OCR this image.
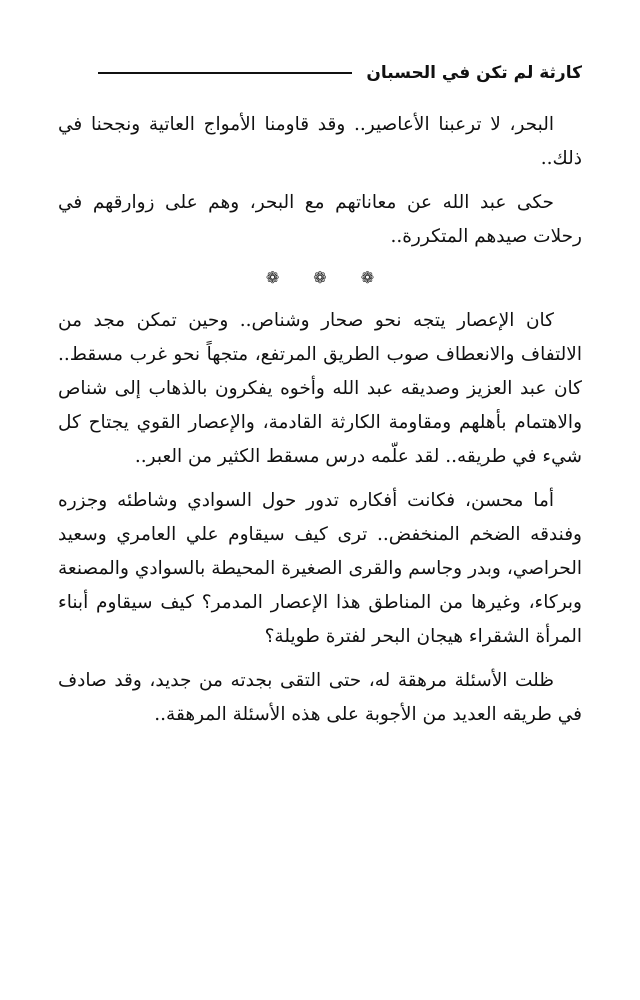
كارثة لم تكن في الحسبان

البحر، لا ترعبنا الأعاصير.. وقد قاومنا الأمواج العاتية ونجحنا في ذلك..

حكى عبد الله عن معاناتهم مع البحر، وهم على زوارقهم في رحلات صيدهم المتكررة..

❁
❁
❁

كان الإعصار يتجه نحو صحار وشناص.. وحين تمكن مجد من الالتفاف والانعطاف صوب الطريق المرتفع، متجهاً نحو غرب مسقط.. كان عبد العزيز وصديقه عبد الله وأخوه يفكرون بالذهاب إلى شناص والاهتمام بأهلهم ومقاومة الكارثة القادمة، والإعصار القوي يجتاح كل شيء في طريقه.. لقد علّمه درس مسقط الكثير من العبر..

أما محسن، فكانت أفكاره تدور حول السوادي وشاطئه وجزره وفندقه الضخم المنخفض.. ترى كيف سيقاوم علي العامري وسعيد الحراصي، وبدر وجاسم والقرى الصغيرة المحيطة بالسوادي والمصنعة وبركاء، وغيرها من المناطق هذا الإعصار المدمر؟ كيف سيقاوم أبناء المرأة الشقراء هيجان البحر لفترة طويلة؟

ظلت الأسئلة مرهقة له، حتى التقى بجدته من جديد، وقد صادف في طريقه العديد من الأجوبة على هذه الأسئلة المرهقة..
